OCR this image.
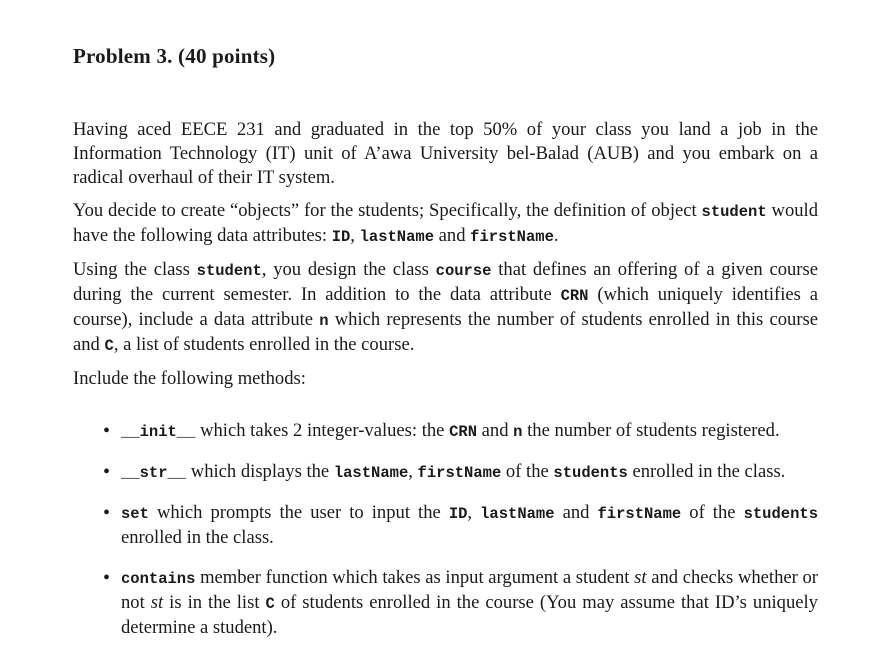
Problem 3. (40 points)

Having aced EECE 231 and graduated in the top 50% of your class you land a job in the Information Technology (IT) unit of A’awa University bel-Balad (AUB) and you embark on a radical overhaul of their IT system.

You decide to create “objects” for the students; Specifically, the definition of object student would have the following data attributes: ID, lastName and firstName.

Using the class student, you design the class course that defines an offering of a given course during the current semester. In addition to the data attribute CRN (which uniquely identifies a course), include a data attribute n which represents the number of students enrolled in this course and C, a list of students enrolled in the course.

Include the following methods:

• __init__ which takes 2 integer-values: the CRN and n the number of students registered.
• __str__ which displays the lastName, firstName of the students enrolled in the class.
• set which prompts the user to input the ID, lastName and firstName of the students enrolled in the class.
• contains member function which takes as input argument a student st and checks whether or not st is in the list C of students enrolled in the course (You may assume that ID’s uniquely determine a student).
